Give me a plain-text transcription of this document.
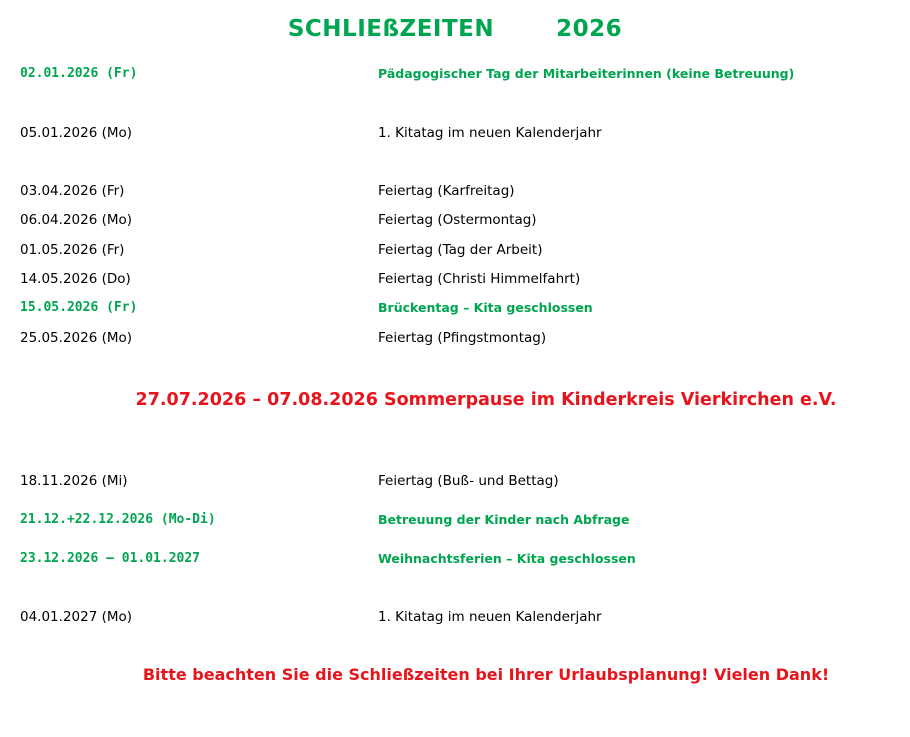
SCHLIEßZEITEN	2026
02.01.2026 (Fr)	Pädagogischer Tag der Mitarbeiterinnen (keine Betreuung)
05.01.2026 (Mo)	1. Kitatag im neuen Kalenderjahr
03.04.2026 (Fr)	Feiertag (Karfreitag)
06.04.2026 (Mo)	Feiertag (Ostermontag)
01.05.2026 (Fr)	Feiertag (Tag der Arbeit)
14.05.2026 (Do)	Feiertag (Christi Himmelfahrt)
15.05.2026 (Fr)	Brückentag – Kita geschlossen
25.05.2026 (Mo)	Feiertag (Pfingstmontag)
27.07.2026 – 07.08.2026 Sommerpause im Kinderkreis Vierkirchen e.V.
18.11.2026 (Mi)	Feiertag (Buß- und Bettag)
21.12.+22.12.2026 (Mo-Di)	Betreuung der Kinder nach Abfrage
23.12.2026 – 01.01.2027	Weihnachtsferien – Kita geschlossen
04.01.2027 (Mo)	1. Kitatag im neuen Kalenderjahr
Bitte beachten Sie die Schließzeiten bei Ihrer Urlaubsplanung! Vielen Dank!
